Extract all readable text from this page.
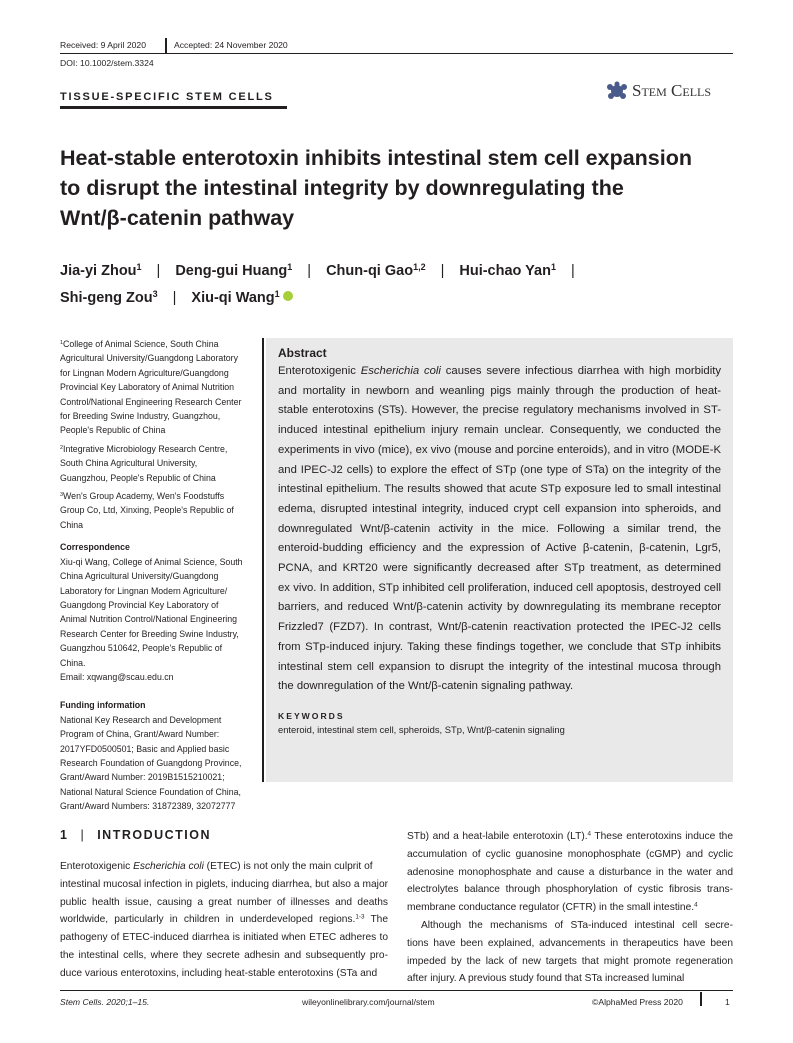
Received: 9 April 2020	Accepted: 24 November 2020
DOI: 10.1002/stem.3324
TISSUE-SPECIFIC STEM CELLS	Stem Cells
Heat-stable enterotoxin inhibits intestinal stem cell expansion
to disrupt the intestinal integrity by downregulating the
Wnt/β-catenin pathway
Jia-yi Zhou$^1$ | Deng-gui Huang$^1$ | Chun-qi Gao$^{1,2}$ | Hui-chao Yan$^1$ |
Shi-geng Zou$^3$ | Xiu-qi Wang$^1$
$^1$College of Animal Science, South China
Agricultural University/Guangdong Laboratory
for Lingnan Modern Agriculture/Guangdong
Provincial Key Laboratory of Animal Nutrition
Control/National Engineering Research Center
for Breeding Swine Industry, Guangzhou,
People's Republic of China
$^2$Integrative Microbiology Research Centre,
South China Agricultural University,
Guangzhou, People's Republic of China
$^3$Wen's Group Academy, Wen's Foodstuffs
Group Co, Ltd, Xinxing, People's Republic of
China
Correspondence
Xiu-qi Wang, College of Animal Science, South
China Agricultural University/Guangdong
Laboratory for Lingnan Modern Agriculture/
Guangdong Provincial Key Laboratory of
Animal Nutrition Control/National Engineering
Research Center for Breeding Swine Industry,
Guangzhou 510642, People's Republic of
China.
Email: xqwang@scau.edu.cn
Funding information
National Key Research and Development
Program of China, Grant/Award Number:
2017YFD0500501; Basic and Applied basic
Research Foundation of Guangdong Province,
Grant/Award Number: 2019B1515210021;
National Natural Science Foundation of China,
Grant/Award Numbers: 31872389, 32072777
Abstract
Enterotoxigenic Escherichia coli causes severe infectious diarrhea with high morbidity
and mortality in newborn and weanling pigs mainly through the production of heat-
stable enterotoxins (STs). However, the precise regulatory mechanisms involved in ST-
induced intestinal epithelium injury remain unclear. Consequently, we conducted the
experiments in vivo (mice), ex vivo (mouse and porcine enteroids), and in vitro (MODE-K
and IPEC-J2 cells) to explore the effect of STp (one type of STa) on the integrity of the
intestinal epithelium. The results showed that acute STp exposure led to small intestinal
edema, disrupted intestinal integrity, induced crypt cell expansion into spheroids, and
downregulated Wnt/β-catenin activity in the mice. Following a similar trend, the
enteroid-budding efficiency and the expression of Active β-catenin, β-catenin, Lgr5,
PCNA, and KRT20 were significantly decreased after STp treatment, as determined
ex vivo. In addition, STp inhibited cell proliferation, induced cell apoptosis, destroyed cell
barriers, and reduced Wnt/β-catenin activity by downregulating its membrane receptor
Frizzled7 (FZD7). In contrast, Wnt/β-catenin reactivation protected the IPEC-J2 cells
from STp-induced injury. Taking these findings together, we conclude that STp inhibits
intestinal stem cell expansion to disrupt the integrity of the intestinal mucosa through
the downregulation of the Wnt/β-catenin signaling pathway.
KEYWORDS
enteroid, intestinal stem cell, spheroids, STp, Wnt/β-catenin signaling
1 | INTRODUCTION
Enterotoxigenic Escherichia coli (ETEC) is not only the main culprit of
intestinal mucosal infection in piglets, inducing diarrhea, but also a major
public health issue, causing a great number of illnesses and deaths
worldwide, particularly in children in underdeveloped regions.$^{1-3}$ The
pathogeny of ETEC-induced diarrhea is initiated when ETEC adheres to
the intestinal cells, where they secrete adhesin and subsequently pro-
duce various enterotoxins, including heat-stable enterotoxins (STa and
STb) and a heat-labile enterotoxin (LT).$^4$ These enterotoxins induce the
accumulation of cyclic guanosine monophosphate (cGMP) and cyclic
adenosine monophosphate and cause a disturbance in the water and
electrolytes balance through phosphorylation of cystic fibrosis trans-
membrane conductance regulator (CFTR) in the small intestine.$^4$
Although the mechanisms of STa-induced intestinal cell secre-
tions have been explained, advancements in therapeutics have been
impeded by the lack of new targets that might promote regeneration
after injury. A previous study found that STa increased luminal
Stem Cells. 2020;1–15.	wileyonlinelibrary.com/journal/stem	©AlphaMed Press 2020	1
